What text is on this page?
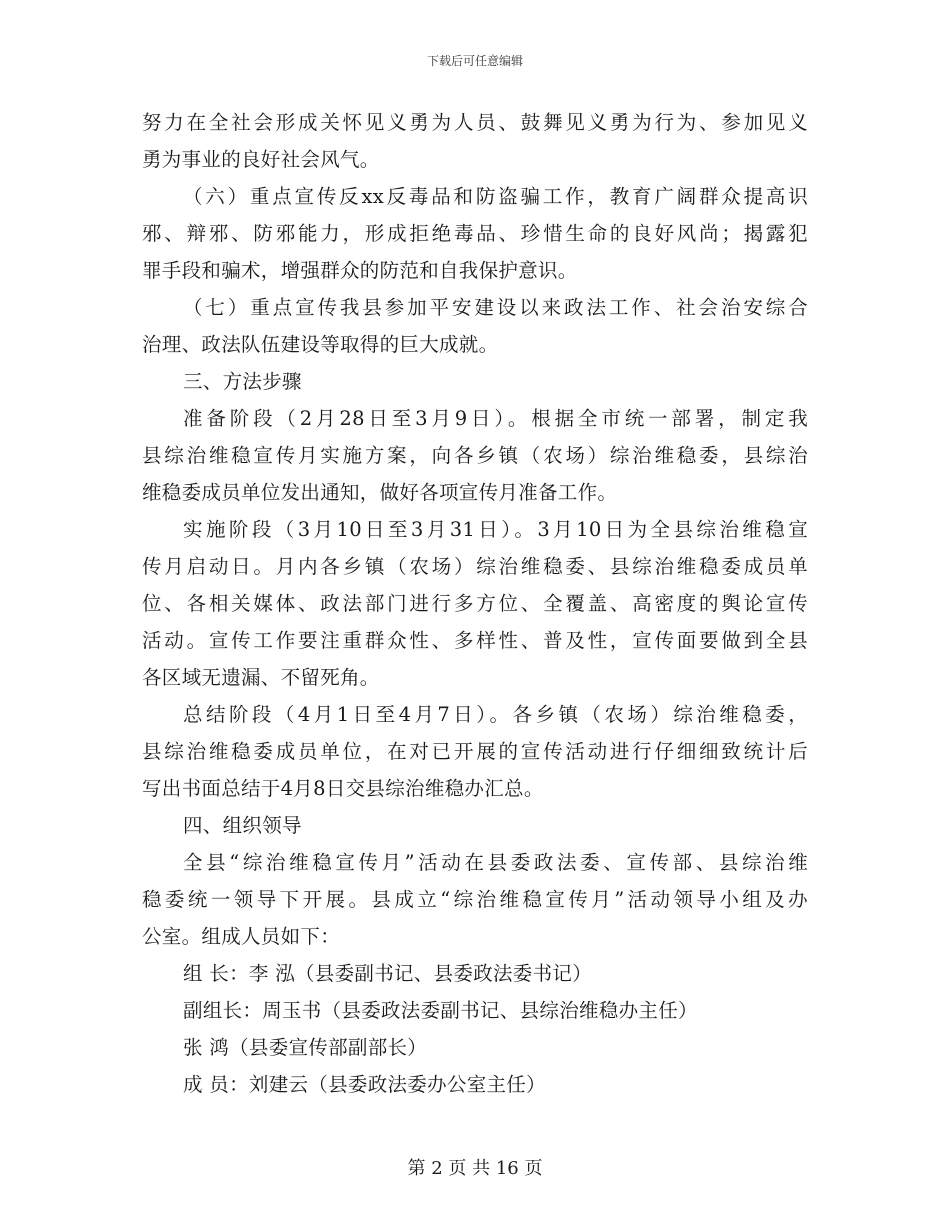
下载后可任意编辑
努力在全社会形成关怀见义勇为人员、鼓舞见义勇为行为、参加见义
勇为事业的良好社会风气。
（六）重点宣传反xx反毒品和防盗骗工作，教育广阔群众提高识
邪、辩邪、防邪能力，形成拒绝毒品、珍惜生命的良好风尚；揭露犯
罪手段和骗术，增强群众的防范和自我保护意识。
（七）重点宣传我县参加平安建设以来政法工作、社会治安综合
治理、政法队伍建设等取得的巨大成就。
三、方法步骤
准备阶段（2月28日至3月9日）。根据全市统一部署，制定我
县综治维稳宣传月实施方案，向各乡镇（农场）综治维稳委，县综治
维稳委成员单位发出通知，做好各项宣传月准备工作。
实施阶段（3月10日至3月31日）。3月10日为全县综治维稳宣
传月启动日。月内各乡镇（农场）综治维稳委、县综治维稳委成员单
位、各相关媒体、政法部门进行多方位、全覆盖、高密度的舆论宣传
活动。宣传工作要注重群众性、多样性、普及性，宣传面要做到全县
各区域无遗漏、不留死角。
总结阶段（4月1日至4月7日）。各乡镇（农场）综治维稳委，
县综治维稳委成员单位，在对已开展的宣传活动进行仔细细致统计后
写出书面总结于4月8日交县综治维稳办汇总。
四、组织领导
全县“综治维稳宣传月”活动在县委政法委、宣传部、县综治维
稳委统一领导下开展。县成立“综治维稳宣传月”活动领导小组及办
公室。组成人员如下：
组 长：李 泓（县委副书记、县委政法委书记）
副组长：周玉书（县委政法委副书记、县综治维稳办主任）
张 鸿（县委宣传部副部长）
成 员：刘建云（县委政法委办公室主任）
第 2 页 共 16 页
